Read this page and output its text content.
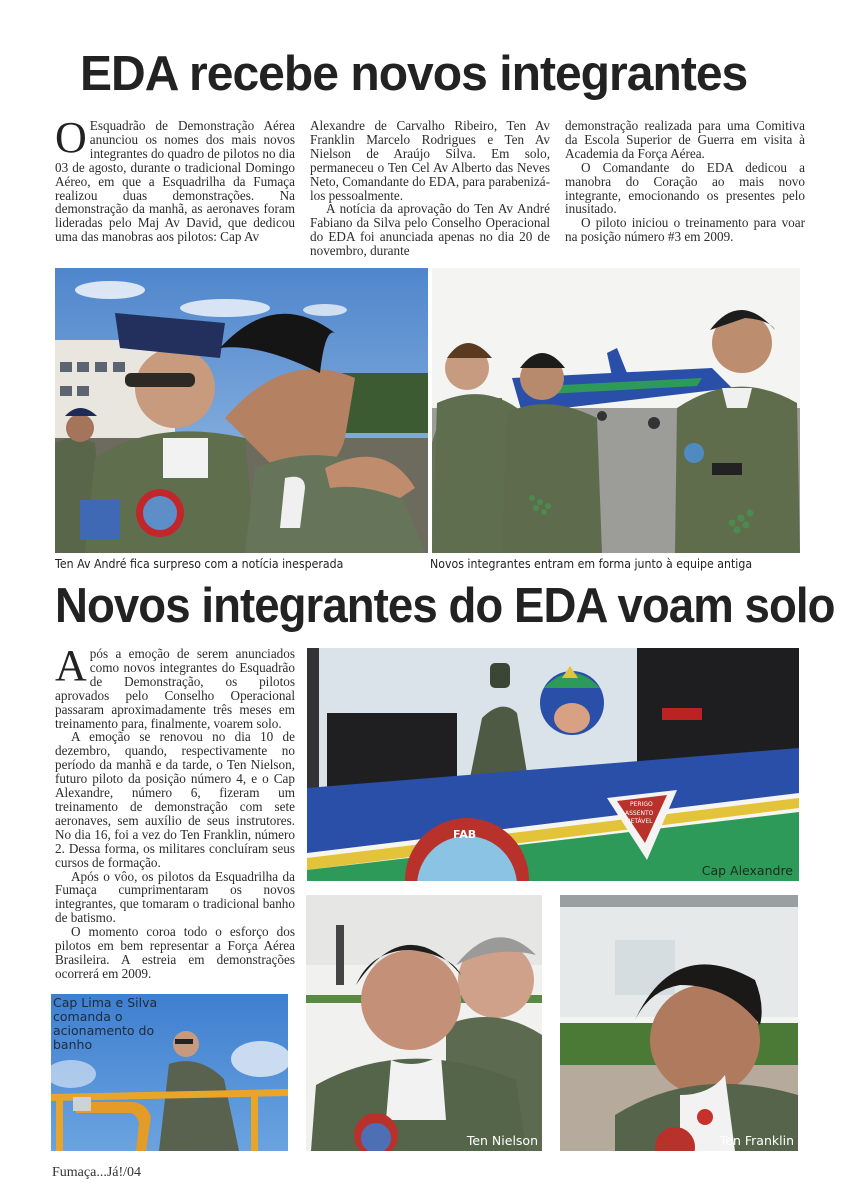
EDA recebe novos integrantes

O Esquadrão de Demonstração Aérea anunciou os nomes dos mais novos integrantes do quadro de pilotos no dia 03 de agosto, durante o tradicional Domingo Aéreo, em que a Esquadrilha da Fumaça realizou duas demonstrações. Na demonstração da manhã, as aeronaves foram lideradas pelo Maj Av David, que dedicou uma das manobras aos pilotos: Cap Av

Alexandre de Carvalho Ribeiro, Ten Av Franklin Marcelo Rodrigues e Ten Av Nielson de Araújo Silva. Em solo, permaneceu o Ten Cel Av Alberto das Neves Neto, Comandante do EDA, para parabenizá-los pessoalmente.

A notícia da aprovação do Ten Av André Fabiano da Silva pelo Conselho Operacional do EDA foi anunciada apenas no dia 20 de novembro, durante

demonstração realizada para uma Comitiva da Escola Superior de Guerra em visita à Academia da Força Aérea.

O Comandante do EDA dedicou a manobra do Coração ao mais novo integrante, emocionando os presentes pelo inusitado.

O piloto iniciou o treinamento para voar na posição número #3 em 2009.

Ten Av André fica surpreso com a notícia inesperada	Novos integrantes entram em forma junto à equipe antiga
Novos integrantes do EDA voam solo

Após a emoção de serem anunciados como novos integrantes do Esquadrão de Demonstração, os pilotos aprovados pelo Conselho Operacional passaram aproximadamente três meses em treinamento para, finalmente, voarem solo.

A emoção se renovou no dia 10 de dezembro, quando, respectivamente no período da manhã e da tarde, o Ten Nielson, futuro piloto da posição número 4, e o Cap Alexandre, número 6, fizeram um treinamento de demonstração com sete aeronaves, sem auxílio de seus instrutores. No dia 16, foi a vez do Ten Franklin, número 2. Dessa forma, os militares concluíram seus cursos de formação.

Após o vôo, os pilotos da Esquadrilha da Fumaça cumprimentaram os novos integrantes, que tomaram o tradicional banho de batismo.

O momento coroa todo o esforço dos pilotos em bem representar a Força Aérea Brasileira. A estreia em demonstrações ocorrerá em 2009.

PERIGO
ASSENTO
EJETÁVEL
FAB
Cap Alexandre
Cap Lima e Silva comanda o acionamento do banho
Ten Nielson	Ten Franklin
Fumaça...Já!/04
